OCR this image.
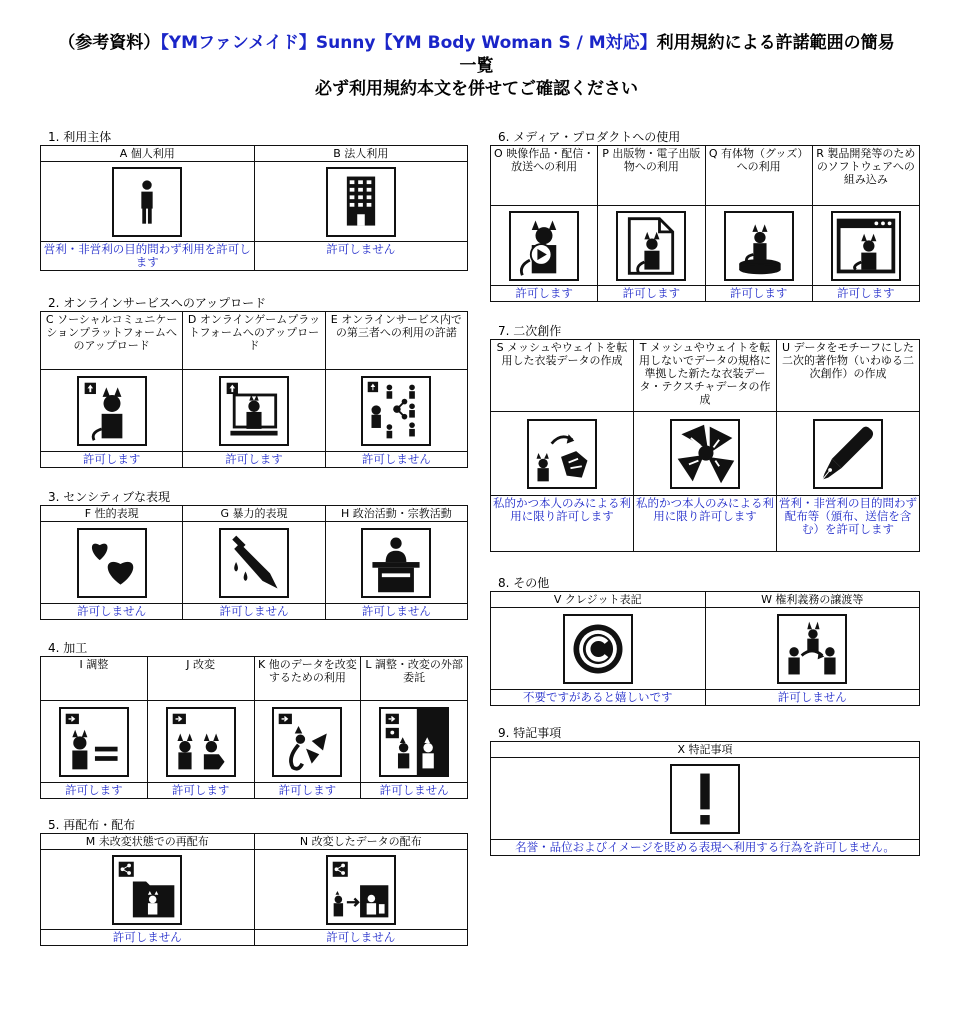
（参考資料）【YMファンメイド】Sunny【YM Body Woman S / M対応】利用規約による許諾範囲の簡易
一覧
必ず利用規約本文を併せてご確認ください
1. 利用主体
A 個人利用	B 法人利用

営利・非営利の目的問わず利用を許可します	許可しません
2. オンラインサービスへのアップロード
C ソーシャルコミュニケーションプラットフォームへのアップロード	D オンラインゲームプラットフォームへのアップロード	E オンラインサービス内での第三者への利用の許諾

許可します	許可します	許可しません
3. センシティブな表現
F 性的表現	G 暴力的表現	H 政治活動・宗教活動

許可しません	許可しません	許可しません
4. 加工
I 調整	J 改変	K 他のデータを改変するための利用	L 調整・改変の外部委託

許可します	許可します	許可します	許可しません
5. 再配布・配布
M 未改変状態での再配布	N 改変したデータの配布

許可しません	許可しません
6. メディア・プロダクトへの使用
O 映像作品・配信・放送への利用	P 出版物・電子出版物への利用	Q 有体物（グッズ）への利用	R 製品開発等のためのソフトウェアへの組み込み

許可します	許可します	許可します	許可します
7. 二次創作
S メッシュやウェイトを転用した衣装データの作成	T メッシュやウェイトを転用しないでデータの規格に準拠した新たな衣装データ・テクスチャデータの作成	U データをモチーフにした二次的著作物（いわゆる二次創作）の作成

私的かつ本人のみによる利用に限り許可します	私的かつ本人のみによる利用に限り許可します	営利・非営利の目的問わず配布等（頒布、送信を含む）を許可します
8. その他
V クレジット表記	W 権利義務の譲渡等

不要ですがあると嬉しいです	許可しません
9. 特記事項
X 特記事項

名誉・品位およびイメージを貶める表現へ利用する行為を許可しません。
